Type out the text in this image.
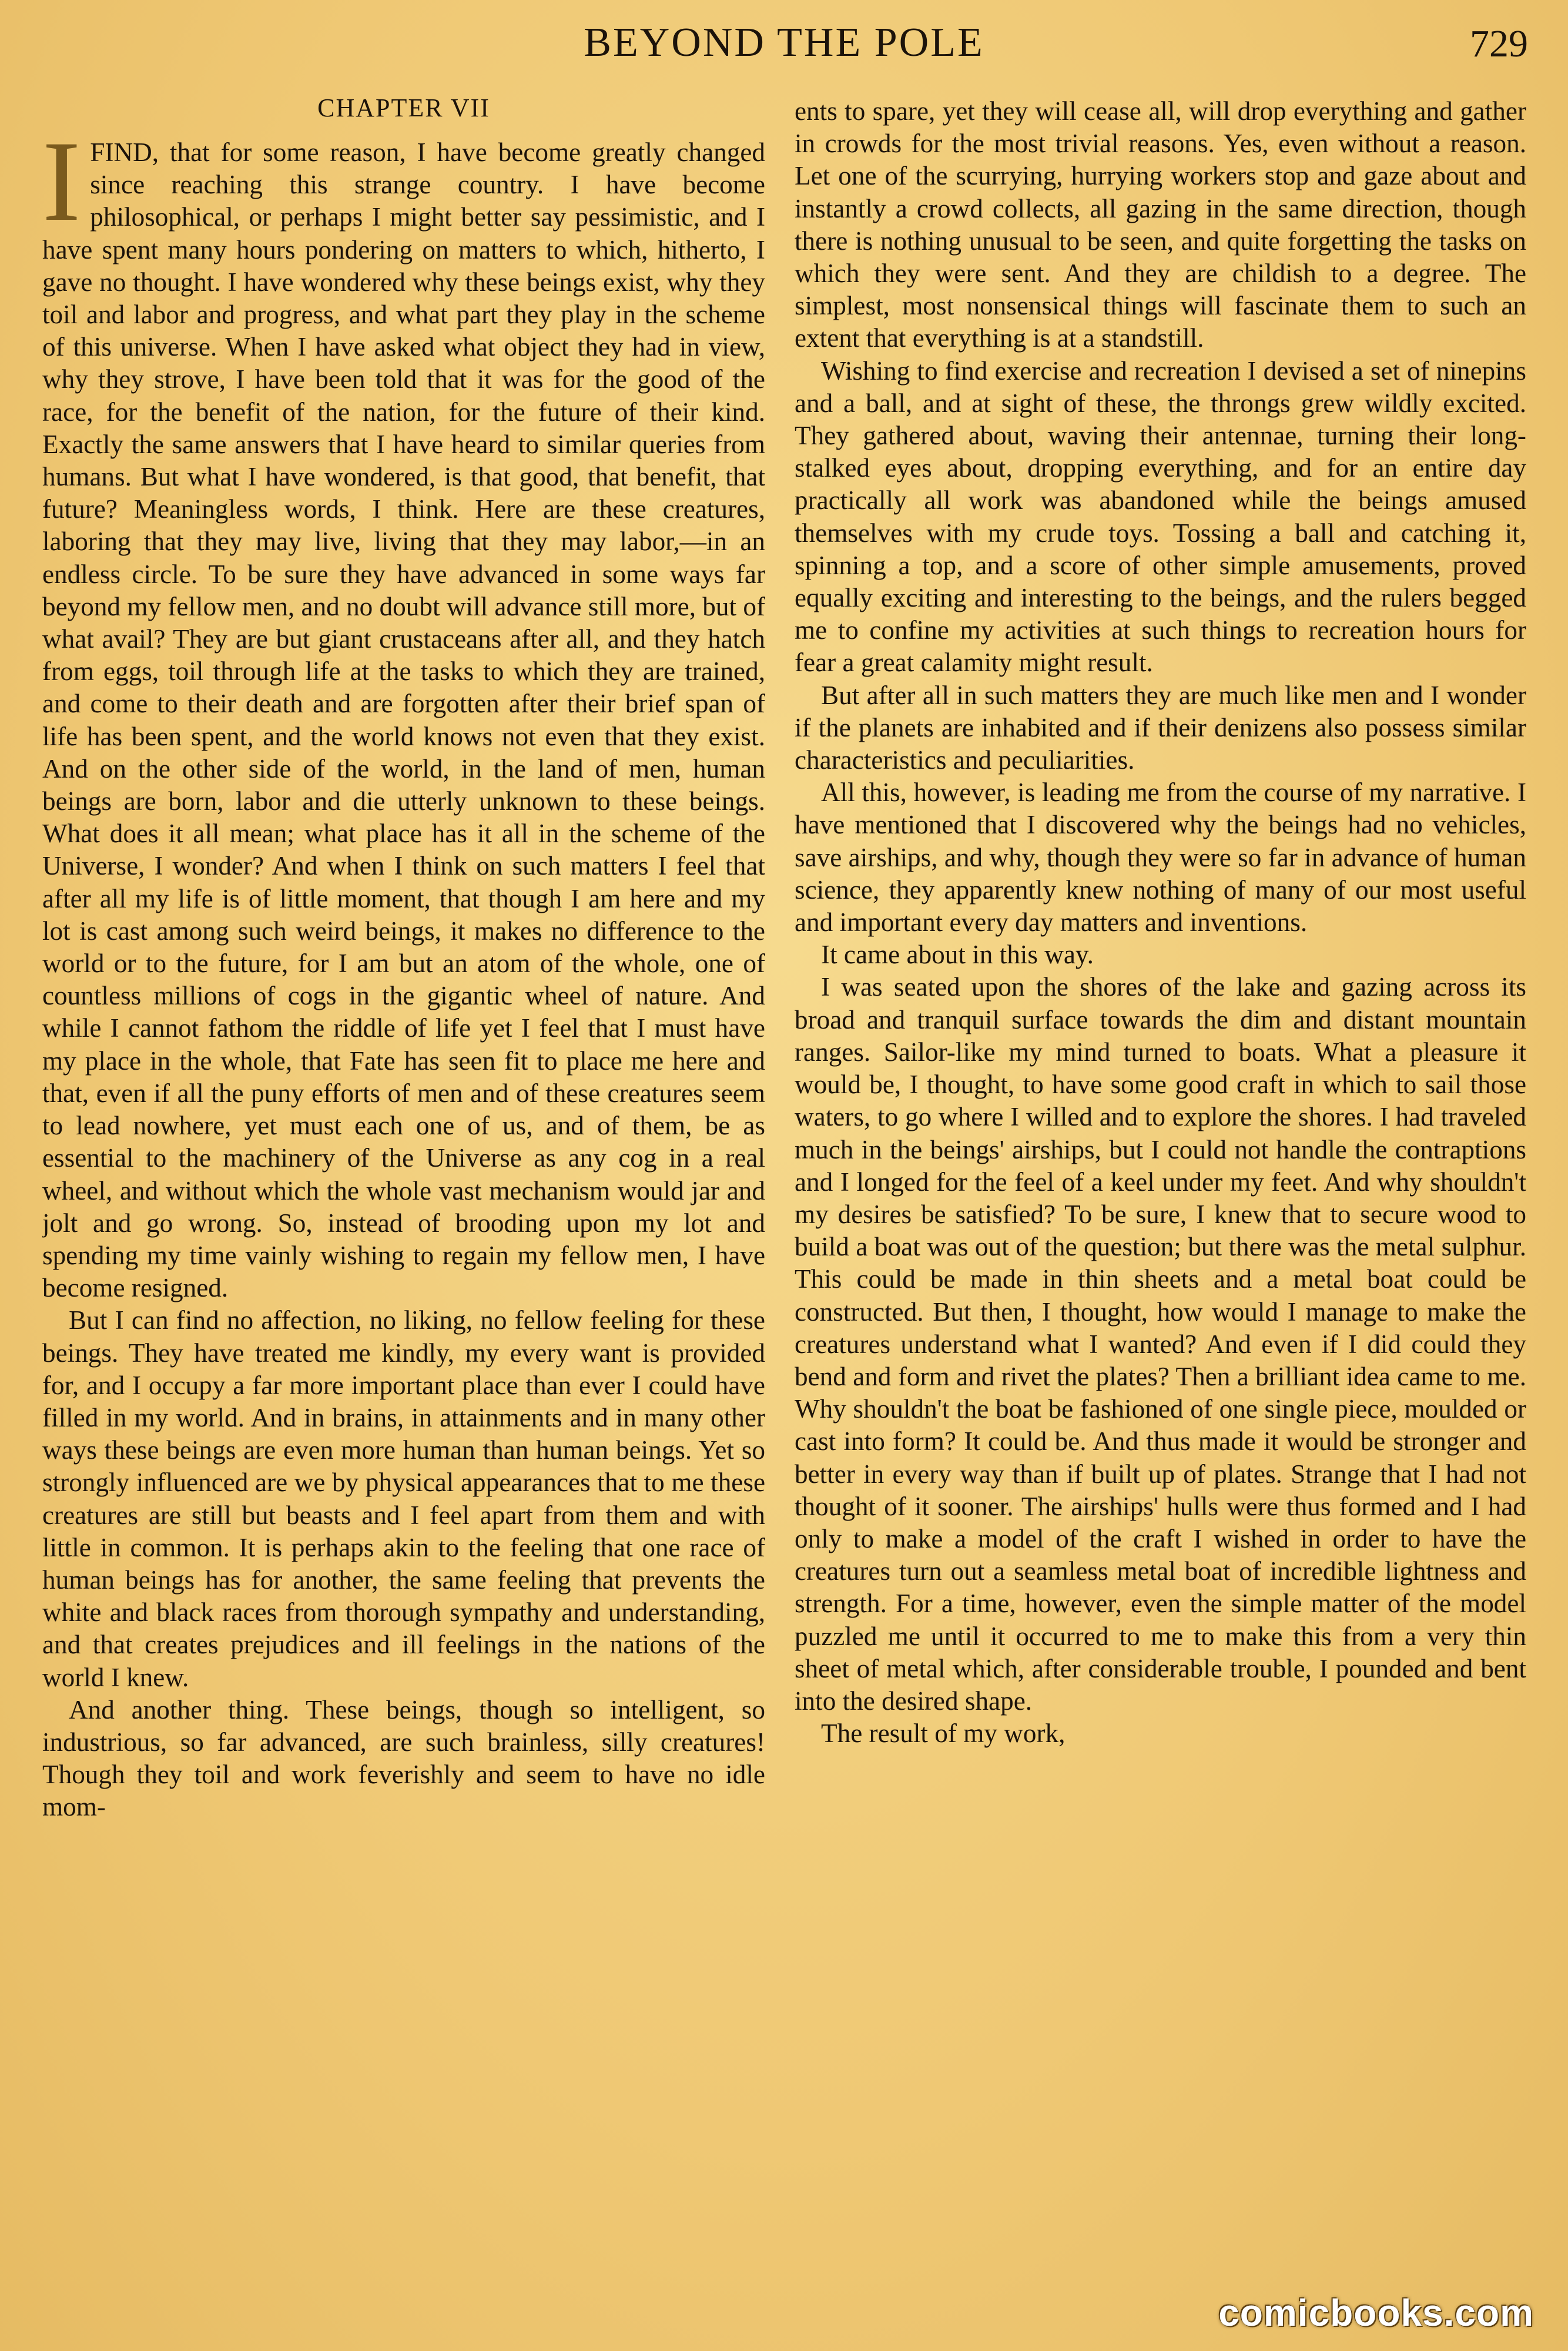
BEYOND THE POLE	729
CHAPTER VII

IFIND, that for some reason, I have become greatly changed since reaching this strange country. I have become philosophical, or perhaps I might better say pessimistic, and I have spent many hours pondering on matters to which, hitherto, I gave no thought. I have wondered why these beings exist, why they toil and labor and progress, and what part they play in the scheme of this universe. When I have asked what object they had in view, why they strove, I have been told that it was for the good of the race, for the benefit of the nation, for the future of their kind. Exactly the same answers that I have heard to similar queries from humans. But what I have wondered, is that good, that benefit, that future? Meaningless words, I think. Here are these creatures, laboring that they may live, living that they may labor,—in an endless circle. To be sure they have advanced in some ways far beyond my fellow men, and no doubt will advance still more, but of what avail? They are but giant crustaceans after all, and they hatch from eggs, toil through life at the tasks to which they are trained, and come to their death and are forgotten after their brief span of life has been spent, and the world knows not even that they exist. And on the other side of the world, in the land of men, human beings are born, labor and die utterly unknown to these beings. What does it all mean; what place has it all in the scheme of the Universe, I wonder? And when I think on such matters I feel that after all my life is of little moment, that though I am here and my lot is cast among such weird beings, it makes no difference to the world or to the future, for I am but an atom of the whole, one of countless millions of cogs in the gigantic wheel of nature. And while I cannot fathom the riddle of life yet I feel that I must have my place in the whole, that Fate has seen fit to place me here and that, even if all the puny efforts of men and of these creatures seem to lead nowhere, yet must each one of us, and of them, be as essential to the machinery of the Universe as any cog in a real wheel, and without which the whole vast mechanism would jar and jolt and go wrong. So, instead of brooding upon my lot and spending my time vainly wishing to regain my fellow men, I have become resigned.

But I can find no affection, no liking, no fellow feeling for these beings. They have treated me kindly, my every want is provided for, and I occupy a far more important place than ever I could have filled in my world. And in brains, in attainments and in many other ways these beings are even more human than human beings. Yet so strongly influenced are we by physical appearances that to me these creatures are still but beasts and I feel apart from them and with little in common. It is perhaps akin to the feeling that one race of human beings has for another, the same feeling that prevents the white and black races from thorough sympathy and understanding, and that creates prejudices and ill feelings in the nations of the world I knew.

And another thing. These beings, though so intelligent, so industrious, so far advanced, are such brainless, silly creatures! Though they toil and work feverishly and seem to have no idle mom-

ents to spare, yet they will cease all, will drop everything and gather in crowds for the most trivial reasons. Yes, even without a reason. Let one of the scurrying, hurrying workers stop and gaze about and instantly a crowd collects, all gazing in the same direction, though there is nothing unusual to be seen, and quite forgetting the tasks on which they were sent. And they are childish to a degree. The simplest, most nonsensical things will fascinate them to such an extent that everything is at a standstill.

Wishing to find exercise and recreation I devised a set of ninepins and a ball, and at sight of these, the throngs grew wildly excited. They gathered about, waving their antennae, turning their long-stalked eyes about, dropping everything, and for an entire day practically all work was abandoned while the beings amused themselves with my crude toys. Tossing a ball and catching it, spinning a top, and a score of other simple amusements, proved equally exciting and interesting to the beings, and the rulers begged me to confine my activities at such things to recreation hours for fear a great calamity might result.

But after all in such matters they are much like men and I wonder if the planets are inhabited and if their denizens also possess similar characteristics and peculiarities.

All this, however, is leading me from the course of my narrative. I have mentioned that I discovered why the beings had no vehicles, save airships, and why, though they were so far in advance of human science, they apparently knew nothing of many of our most useful and important every day matters and inventions.

It came about in this way.

I was seated upon the shores of the lake and gazing across its broad and tranquil surface towards the dim and distant mountain ranges. Sailor-like my mind turned to boats. What a pleasure it would be, I thought, to have some good craft in which to sail those waters, to go where I willed and to explore the shores. I had traveled much in the beings' airships, but I could not handle the contraptions and I longed for the feel of a keel under my feet. And why shouldn't my desires be satisfied? To be sure, I knew that to secure wood to build a boat was out of the question; but there was the metal sulphur. This could be made in thin sheets and a metal boat could be constructed. But then, I thought, how would I manage to make the creatures understand what I wanted? And even if I did could they bend and form and rivet the plates? Then a brilliant idea came to me. Why shouldn't the boat be fashioned of one single piece, moulded or cast into form? It could be. And thus made it would be stronger and better in every way than if built up of plates. Strange that I had not thought of it sooner. The airships' hulls were thus formed and I had only to make a model of the craft I wished in order to have the creatures turn out a seamless metal boat of incredible lightness and strength. For a time, however, even the simple matter of the model puzzled me until it occurred to me to make this from a very thin sheet of metal which, after considerable trouble, I pounded and bent into the desired shape.

The result of my work,

comicbooks.com
